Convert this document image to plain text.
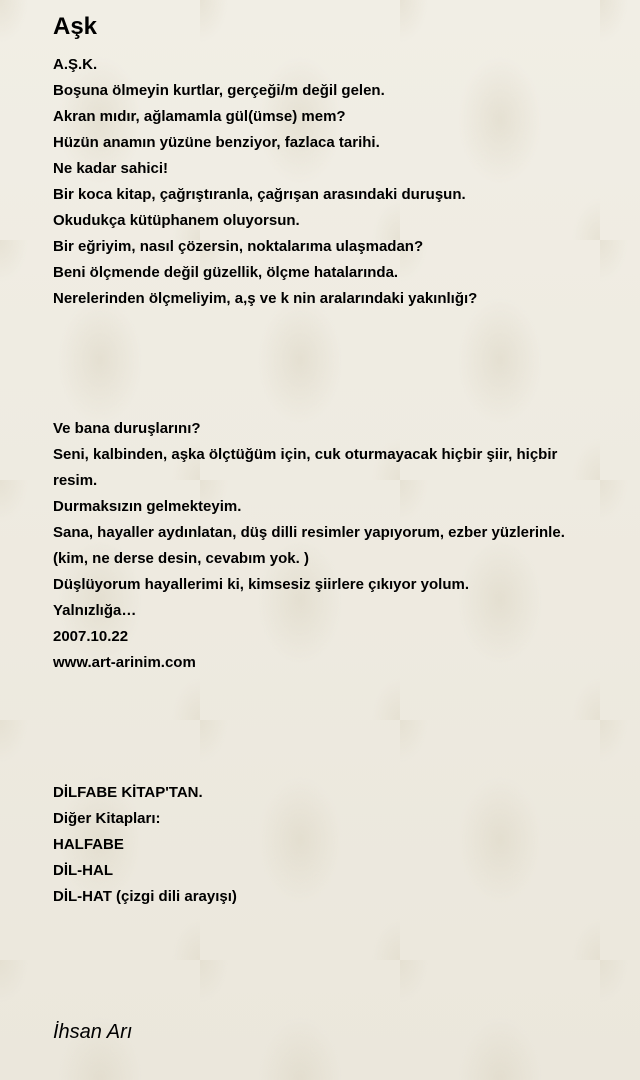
Aşk
A.Ş.K.
Boşuna ölmeyin kurtlar, gerçeği/m değil gelen.
Akran mıdır, ağlamamla gül(ümse) mem?
Hüzün anamın yüzüne benziyor, fazlaca tarihi.
Ne kadar sahici!
Bir koca kitap, çağrıştıranla, çağrışan arasındaki duruşun.
Okudukça kütüphanem oluyorsun.
Bir eğriyim, nasıl çözersin, noktalarıma ulaşmadan?
Beni ölçmende değil güzellik, ölçme hatalarında.
Nerelerinden ölçmeliyim, a,ş ve k nin aralarındaki yakınlığı?
Ve bana duruşlarını?
Seni, kalbinden, aşka ölçtüğüm için, cuk oturmayacak hiçbir şiir, hiçbir resim.
Durmaksızın gelmekteyim.
Sana, hayaller aydınlatan, düş dilli resimler yapıyorum, ezber yüzlerinle. (kim, ne derse desin, cevabım yok. )
Düşlüyorum hayallerimi ki, kimsesiz şiirlere çıkıyor yolum.
Yalnızlığa…
2007.10.22
www.art-arinim.com
DİLFABE KİTAP'TAN.
Diğer Kitapları:
HALFABE
DİL-HAL
DİL-HAT (çizgi dili arayışı)
İhsan Arı
